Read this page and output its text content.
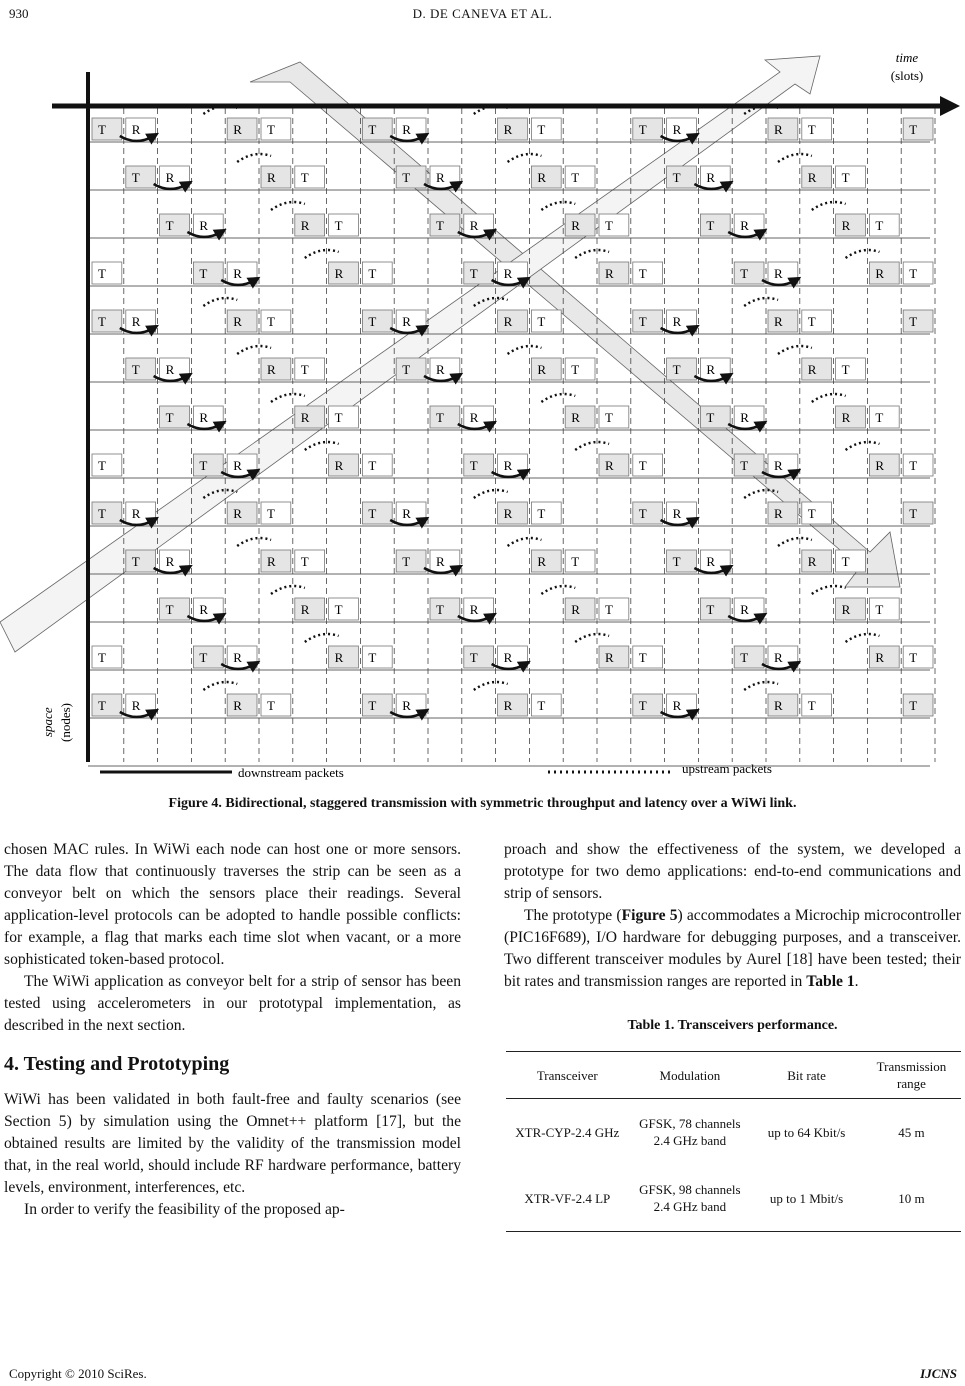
930	D. DE CANEVA ET AL.
T R	R T	T R	R T	T R	R T	T
T R	R T	T R	R T	T R	R T
T R	R T	T R	R T	T R	R T
T	T R	R T	T R	R T	T R	R T
T R	R T	T R	R T	T R	R T	T
T R	R T	T R	R T	T R	R T
T R	R T	T R	R T	T R	R T
T	T R	R T	T R	R T	T R	R T
T R	R T	T R	R T	T R	R T	T
T R	R T	T R	R T	T R	R T
T R	R T	T R	R T	T R	R T
T	T R	R T	T R	R T	T R	R T
T R	R T	T R	R T	T R	R T	T
time
(slots)
space (nodes)
downstream packets	upstream packets
Figure 4. Bidirectional, staggered transmission with symmetric throughput and latency over a WiWi link.

chosen MAC rules. In WiWi each node can host one or more sensors. The data flow that continuously traverses the strip can be seen as a conveyor belt on which the sensors place their readings. Several application-level protocols can be adopted to handle possible conflicts: for example, a flag that marks each time slot when vacant, or a more sophisticated token-based protocol.

The WiWi application as conveyor belt for a strip of sensor has been tested using accelerometers in our prototypal implementation, as described in the next section.

4. Testing and Prototyping

WiWi has been validated in both fault-free and faulty scenarios (see Section 5) by simulation using the Omnet++ platform [17], but the obtained results are limited by the validity of the transmission model that, in the real world, should include RF hardware performance, battery levels, environment, interferences, etc.

In order to verify the feasibility of the proposed ap-

proach and show the effectiveness of the system, we developed a prototype for two demo applications: end-to-end communications and strip of sensors.

The prototype (Figure 5) accommodates a Microchip microcontroller (PIC16F689), I/O hardware for debugging purposes, and a transceiver. Two different transceiver modules by Aurel [18] have been tested; their bit rates and transmission ranges are reported in Table 1.

Table 1. Transceivers performance.
Transceiver	Modulation	Bit rate	Transmission range
XTR-CYP-2.4 GHz	GFSK, 78 channels 2.4 GHz band	up to 64 Kbit/s	45 m
XTR-VF-2.4 LP	GFSK, 98 channels 2.4 GHz band	up to 1 Mbit/s	10 m
Copyright © 2010 SciRes.	IJCNS
